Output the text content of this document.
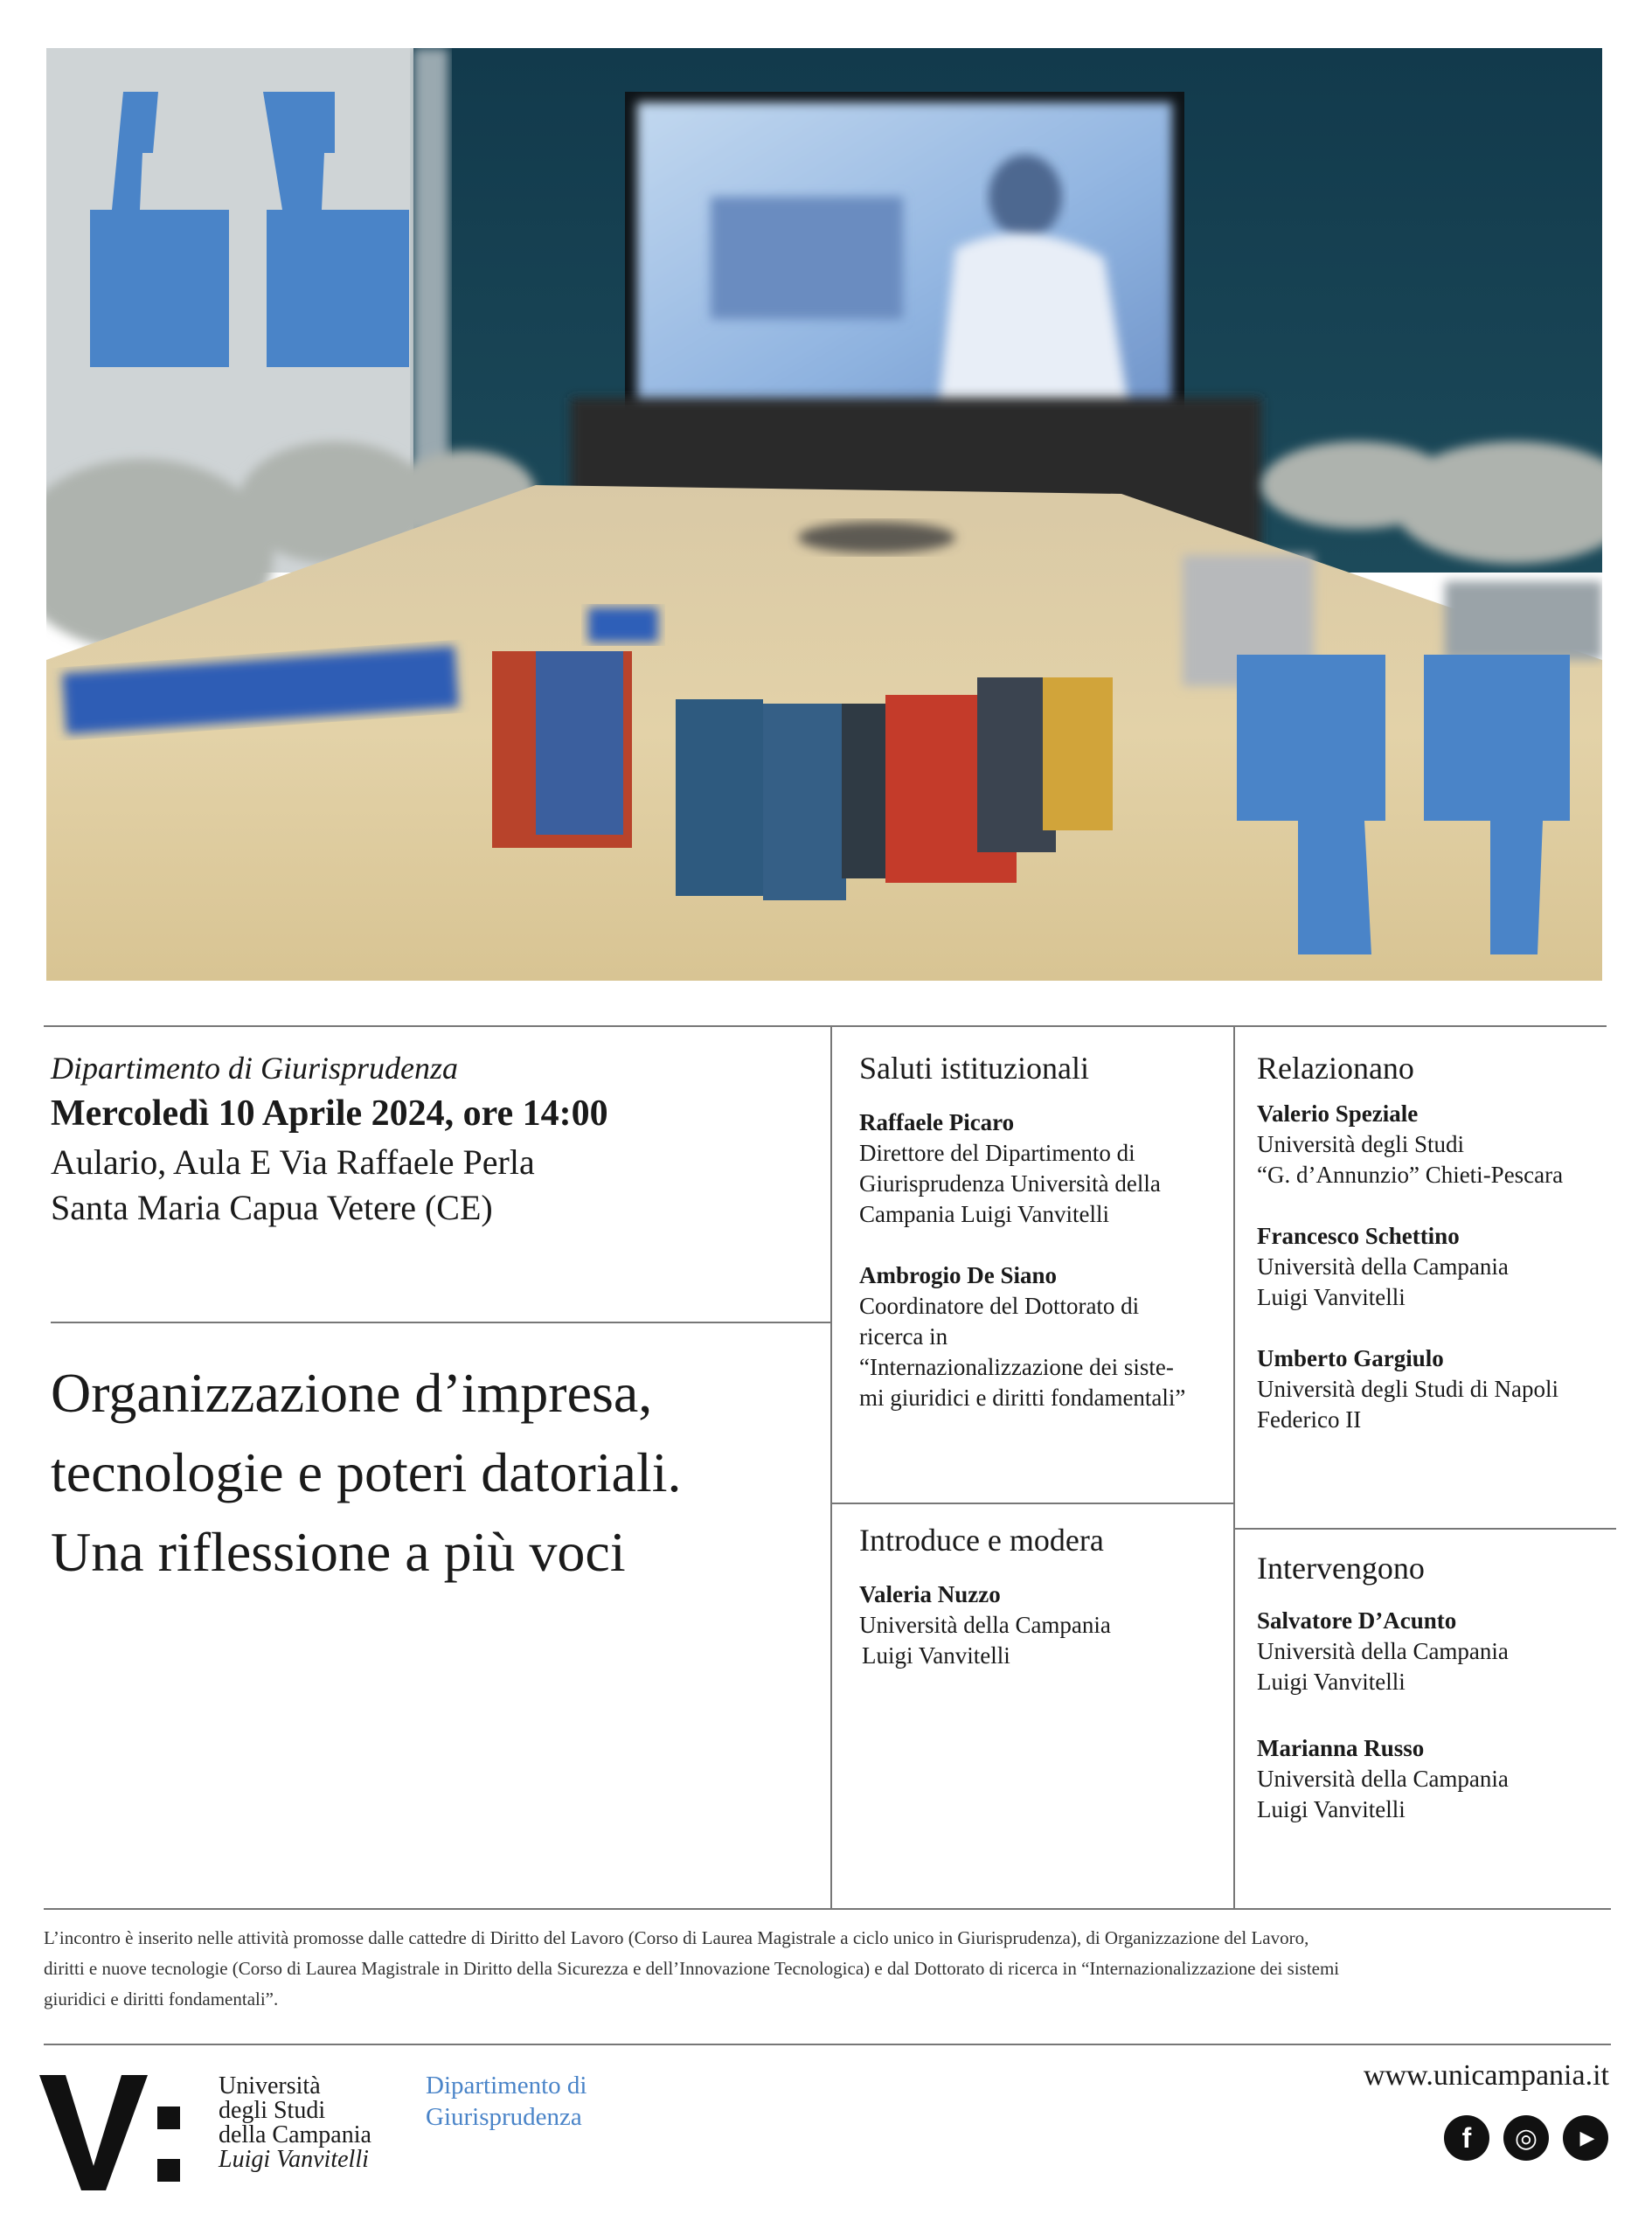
Dipartimento di Giurisprudenza
Mercoledì 10 Aprile 2024, ore 14:00
Aulario, Aula E Via Raffaele Perla
Santa Maria Capua Vetere (CE)
Organizzazione d’impresa,
tecnologie e poteri datoriali.
Una riflessione a più voci
Saluti istituzionali
Raffaele Picaro
Direttore del Dipartimento di
Giurisprudenza Università della
Campania Luigi Vanvitelli
Ambrogio De Siano
Coordinatore del Dottorato di
ricerca in
“Internazionalizzazione dei siste-
mi giuridici e diritti fondamentali”
Introduce e modera
Valeria Nuzzo
Università della Campania
Luigi Vanvitelli
Relazionano
Valerio Speziale
Università degli Studi
“G. d’Annunzio” Chieti-Pescara
Francesco Schettino
Università della Campania
Luigi Vanvitelli
Umberto Gargiulo
Università degli Studi di Napoli
Federico II
Intervengono
Salvatore D’Acunto
Università della Campania
Luigi Vanvitelli
Marianna Russo
Università della Campania
Luigi Vanvitelli
L’incontro è inserito nelle attività promosse dalle cattedre di Diritto del Lavoro (Corso di Laurea Magistrale a ciclo unico in Giurisprudenza), di Organizzazione del Lavoro,
diritti e nuove tecnologie (Corso di Laurea Magistrale in Diritto della Sicurezza e dell’Innovazione Tecnologica) e dal Dottorato di ricerca in “Internazionalizzazione dei sistemi
giuridici e diritti fondamentali”.
Università
degli Studi
della Campania
Luigi Vanvitelli
Dipartimento di
Giurisprudenza
www.unicampania.it
f	◎	▶
